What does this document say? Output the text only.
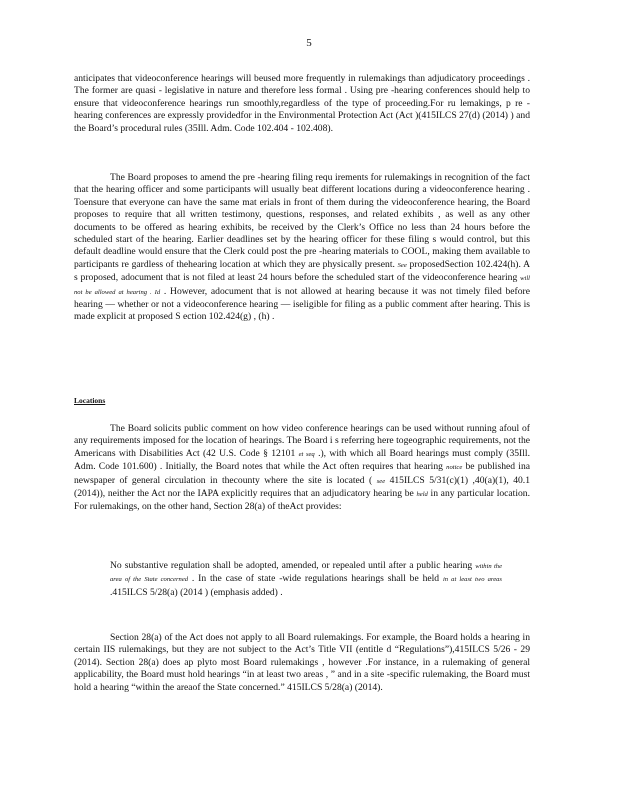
5
anticipates that videoconference hearings will beused more frequently in rulemakings than adjudicatory proceedings . The former are quasi - legislative in nature and therefore less formal . Using pre -hearing conferences should help to ensure that videoconference hearings run smoothly,regardless of the type of proceeding.For ru lemakings, p re -hearing conferences are expressly providedfor in the Environmental Protection Act (Act )(415ILCS 27(d) (2014) ) and the Board’s procedural rules (35Ill. Adm. Code 102.404 - 102.408).
The Board proposes to amend the pre -hearing filing requ irements for rulemakings in recognition of the fact that the hearing officer and some participants will usually beat different locations during a videoconference hearing . Toensure that everyone can have the same mat erials in front of them during the videoconference hearing, the Board proposes to require that all written testimony, questions, responses, and related exhibits , as well as any other documents to be offered as hearing exhibits, be received by the Clerk’s Office no less than 24 hours before the scheduled start of the hearing. Earlier deadlines set by the hearing officer for these filing s would control, but this default deadline would ensure that the Clerk could post the pre -hearing materials to COOL, making them available to participants re gardless of thehearing location at which they are physically present. See proposedSection 102.424(h). A s proposed, adocument that is not filed at least 24 hours before the scheduled start of the videoconference hearing will not be allowed at hearing . Id . However, adocument that is not allowed at hearing because it was not timely filed before hearing — whether or not a videoconference hearing — iseligible for filing as a public comment after hearing. This is made explicit at proposed S ection 102.424(g) , (h) .
Locations
The Board solicits public comment on how video conference hearings can be used without running afoul of any requirements imposed for the location of hearings. The Board i s referring here togeographic requirements, not the Americans with Disabilities Act (42 U.S. Code § 12101 et seq .), with which all Board hearings must comply (35Ill. Adm. Code 101.600) . Initially, the Board notes that while the Act often requires that hearing notice be published ina newspaper of general circulation in thecounty where the site is located ( see 415ILCS 5/31(c)(1) ,40(a)(1), 40.1 (2014)), neither the Act nor the IAPA explicitly requires that an adjudicatory hearing be held in any particular location. For rulemakings, on the other hand, Section 28(a) of theAct provides:
No substantive regulation shall be adopted, amended, or repealed until after a public hearing within the area of the State concerned . In the case of state -wide regulations hearings shall be held in at least two areas .415ILCS 5/28(a) (2014 ) (emphasis added) .
Section 28(a) of the Act does not apply to all Board rulemakings. For example, the Board holds a hearing in certain IIS rulemakings, but they are not subject to the Act’s Title VII (entitle d “Regulations”),415ILCS 5/26 - 29 (2014). Section 28(a) does ap plyto most Board rulemakings , however .For instance, in a rulemaking of general applicability, the Board must hold hearings “in at least two areas , ” and in a site -specific rulemaking, the Board must hold a hearing “within the areaof the State concerned.” 415ILCS 5/28(a) (2014).
